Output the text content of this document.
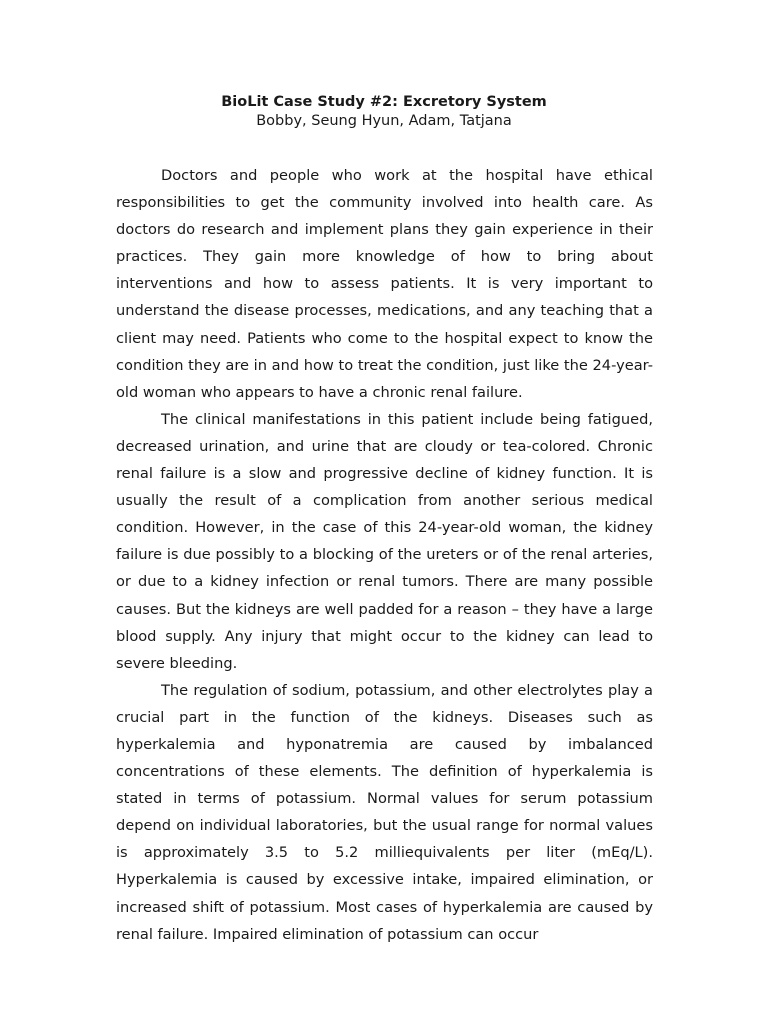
BioLit Case Study #2: Excretory System
Bobby, Seung Hyun, Adam, Tatjana

Doctors and people who work at the hospital have ethical responsibilities to get the community involved into health care. As doctors do research and implement plans they gain experience in their practices. They gain more knowledge of how to bring about interventions and how to assess patients. It is very important to understand the disease processes, medications, and any teaching that a client may need. Patients who come to the hospital expect to know the condition they are in and how to treat the condition, just like the 24-year-old woman who appears to have a chronic renal failure.

The clinical manifestations in this patient include being fatigued, decreased urination, and urine that are cloudy or tea-colored. Chronic renal failure is a slow and progressive decline of kidney function. It is usually the result of a complication from another serious medical condition. However, in the case of this 24-year-old woman, the kidney failure is due possibly to a blocking of the ureters or of the renal arteries, or due to a kidney infection or renal tumors. There are many possible causes. But the kidneys are well padded for a reason – they have a large blood supply. Any injury that might occur to the kidney can lead to severe bleeding.

The regulation of sodium, potassium, and other electrolytes play a crucial part in the function of the kidneys. Diseases such as hyperkalemia and hyponatremia are caused by imbalanced concentrations of these elements. The definition of hyperkalemia is stated in terms of potassium. Normal values for serum potassium depend on individual laboratories, but the usual range for normal values is approximately 3.5 to 5.2 milliequivalents per liter (mEq/L). Hyperkalemia is caused by excessive intake, impaired elimination, or increased shift of potassium. Most cases of hyperkalemia are caused by renal failure. Impaired elimination of potassium can occur
